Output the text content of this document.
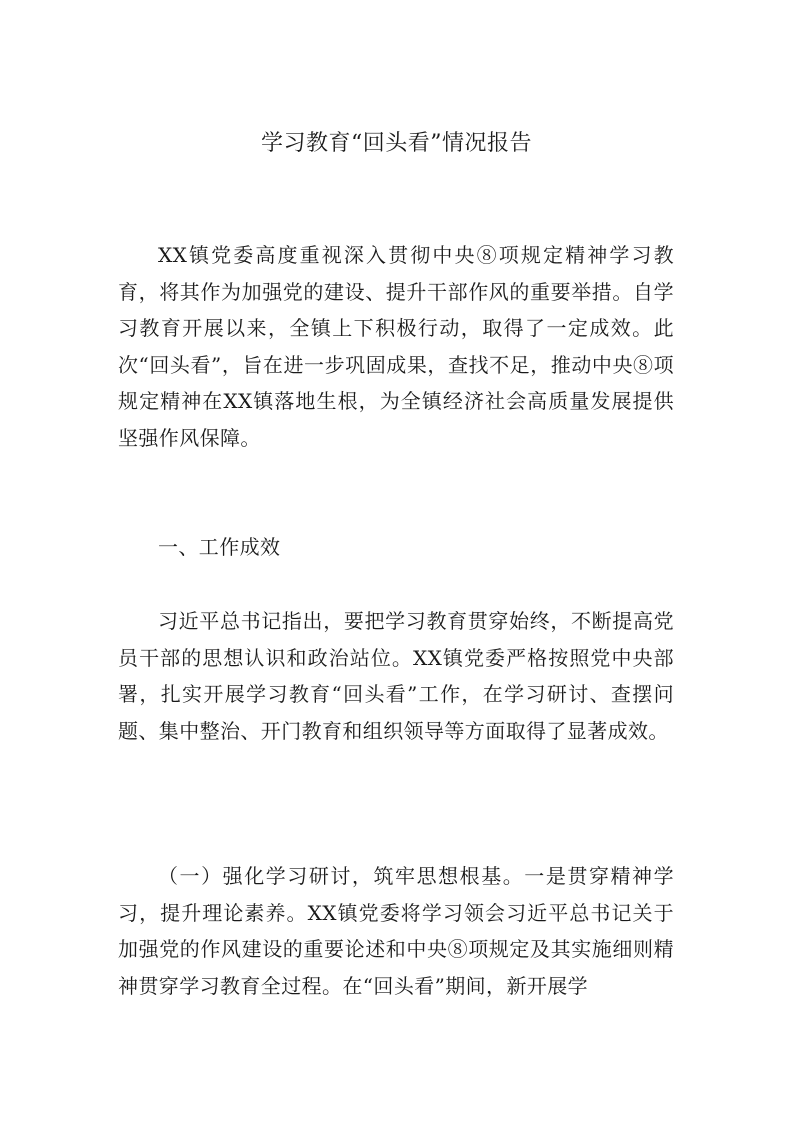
学习教育“回头看”情况报告

XX镇党委高度重视深入贯彻中央⑧项规定精神学习教育，将其作为加强党的建设、提升干部作风的重要举措。自学习教育开展以来，全镇上下积极行动，取得了一定成效。此次“回头看”，旨在进一步巩固成果，查找不足，推动中央⑧项规定精神在XX镇落地生根，为全镇经济社会高质量发展提供坚强作风保障。

一、工作成效

习近平总书记指出，要把学习教育贯穿始终，不断提高党员干部的思想认识和政治站位。XX镇党委严格按照党中央部署，扎实开展学习教育“回头看”工作，在学习研讨、查摆问题、集中整治、开门教育和组织领导等方面取得了显著成效。

（一）强化学习研讨，筑牢思想根基。一是贯穿精神学习，提升理论素养。XX镇党委将学习领会习近平总书记关于加强党的作风建设的重要论述和中央⑧项规定及其实施细则精神贯穿学习教育全过程。在“回头看”期间，新开展学
